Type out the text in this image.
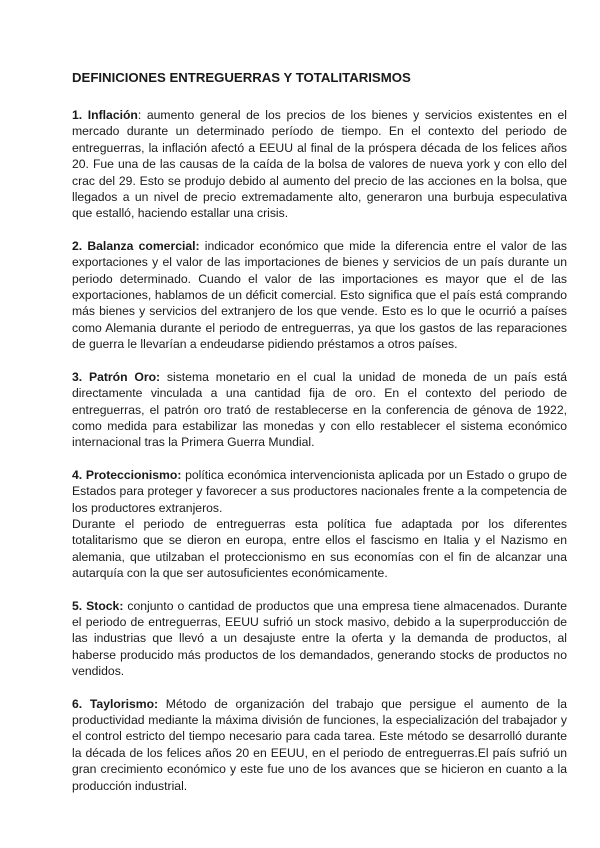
DEFINICIONES ENTREGUERRAS Y TOTALITARISMOS

1. Inflación: aumento general de los precios de los bienes y servicios existentes en el mercado durante un determinado período de tiempo. En el contexto del periodo de entreguerras, la inflación afectó a EEUU al final de la próspera década de los felices años 20. Fue una de las causas de la caída de la bolsa de valores de nueva york y con ello del crac del 29. Esto se produjo debido al aumento del precio de las acciones en la bolsa, que llegados a un nivel de precio extremadamente alto, generaron una burbuja especulativa que estalló, haciendo estallar una crisis.

2. Balanza comercial: indicador económico que mide la diferencia entre el valor de las exportaciones y el valor de las importaciones de bienes y servicios de un país durante un periodo determinado. Cuando el valor de las importaciones es mayor que el de las exportaciones, hablamos de un déficit comercial. Esto significa que el país está comprando más bienes y servicios del extranjero de los que vende. Esto es lo que le ocurrió a países como Alemania durante el periodo de entreguerras, ya que los gastos de las reparaciones de guerra le llevarían a endeudarse pidiendo préstamos a otros países.

3. Patrón Oro: sistema monetario en el cual la unidad de moneda de un país está directamente vinculada a una cantidad fija de oro. En el contexto del periodo de entreguerras, el patrón oro trató de restablecerse en la conferencia de génova de 1922, como medida para estabilizar las monedas y con ello restablecer el sistema económico internacional tras la Primera Guerra Mundial.

4. Proteccionismo: política económica intervencionista aplicada por un Estado o grupo de Estados para proteger y favorecer a sus productores nacionales frente a la competencia de los productores extranjeros.

Durante el periodo de entreguerras esta política fue adaptada por los diferentes totalitarismo que se dieron en europa, entre ellos el fascismo en Italia y el Nazismo en alemania, que utilzaban el proteccionismo en sus economías con el fin de alcanzar una autarquía con la que ser autosuficientes económicamente.

5. Stock: conjunto o cantidad de productos que una empresa tiene almacenados. Durante el periodo de entreguerras, EEUU sufrió un stock masivo, debido a la superproducción de las industrias que llevó a un desajuste entre la oferta y la demanda de productos, al haberse producido más productos de los demandados, generando stocks de productos no vendidos.

6. Taylorismo: Método de organización del trabajo que persigue el aumento de la productividad mediante la máxima división de funciones, la especialización del trabajador y el control estricto del tiempo necesario para cada tarea. Este método se desarrolló durante la década de los felices años 20 en EEUU, en el periodo de entreguerras.El país sufrió un gran crecimiento económico y este fue uno de los avances que se hicieron en cuanto a la producción industrial.
